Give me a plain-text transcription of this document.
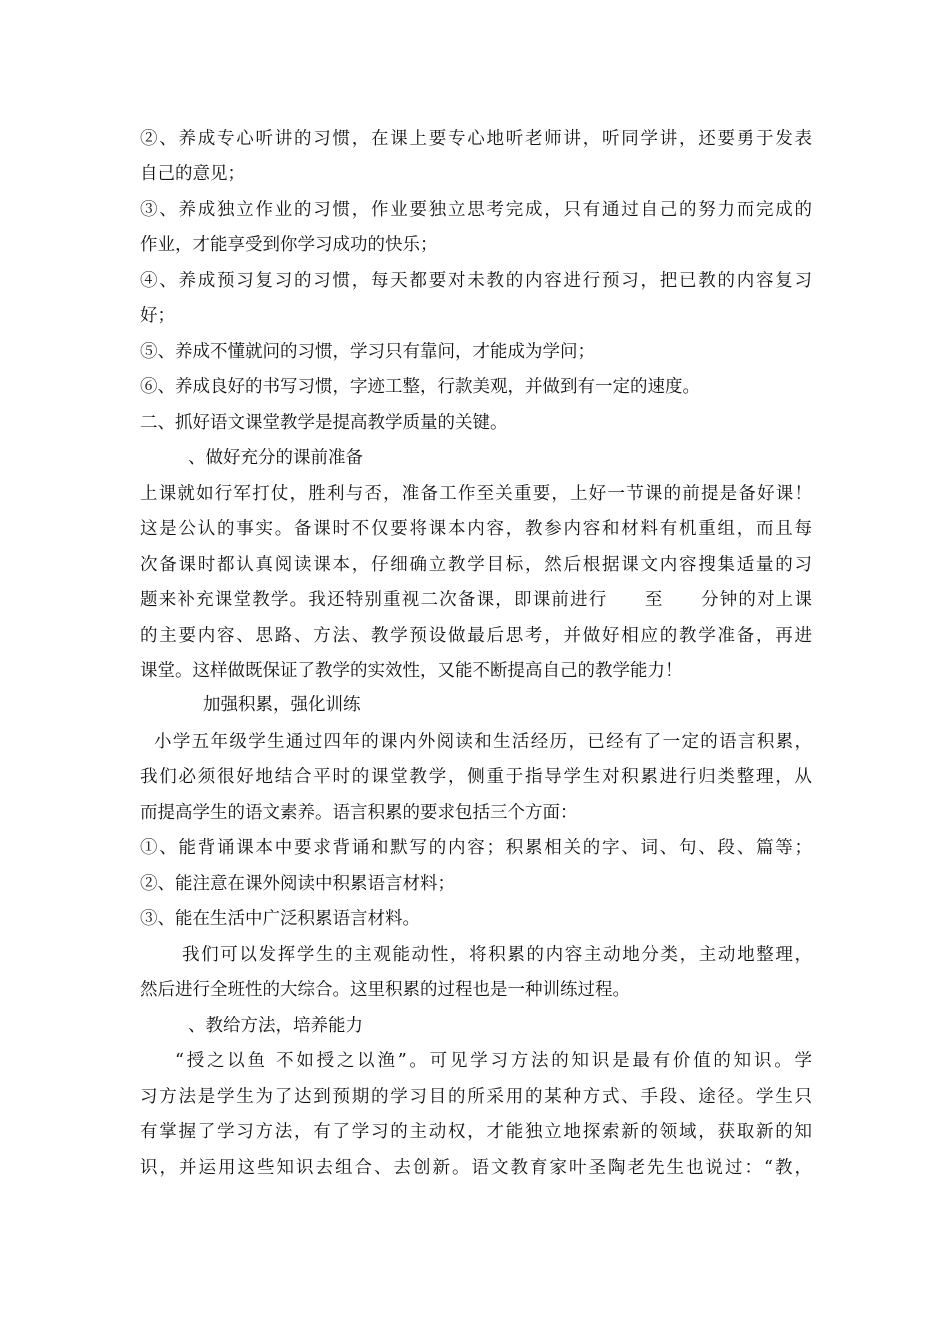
②、养成专心听讲的习惯，在课上要专心地听老师讲，听同学讲，还要勇于发表
自己的意见；
③、养成独立作业的习惯，作业要独立思考完成，只有通过自己的努力而完成的
作业，才能享受到你学习成功的快乐；
④、养成预习复习的习惯，每天都要对未教的内容进行预习，把已教的内容复习
好；
⑤、养成不懂就问的习惯，学习只有靠问，才能成为学问；
⑥、养成良好的书写习惯，字迹工整，行款美观，并做到有一定的速度。
二、抓好语文课堂教学是提高教学质量的关键。
、做好充分的课前准备
上课就如行军打仗，胜利与否，准备工作至关重要，上好一节课的前提是备好课！
这是公认的事实。备课时不仅要将课本内容，教参内容和材料有机重组，而且每
次备课时都认真阅读课本，仔细确立教学目标，然后根据课文内容搜集适量的习
题来补充课堂教学。我还特别重视二次备课，即课前进行　　至　　分钟的对上课
的主要内容、思路、方法、教学预设做最后思考，并做好相应的教学准备，再进
课堂。这样做既保证了教学的实效性，又能不断提高自己的教学能力！
加强积累，强化训练
小学五年级学生通过四年的课内外阅读和生活经历，已经有了一定的语言积累，
我们必须很好地结合平时的课堂教学，侧重于指导学生对积累进行归类整理，从
而提高学生的语文素养。语言积累的要求包括三个方面：
①、能背诵课本中要求背诵和默写的内容；积累相关的字、词、句、段、篇等；
②、能注意在课外阅读中积累语言材料；
③、能在生活中广泛积累语言材料。
我们可以发挥学生的主观能动性，将积累的内容主动地分类，主动地整理，
然后进行全班性的大综合。这里积累的过程也是一种训练过程。
、教给方法，培养能力
“授之以鱼 不如授之以渔”。可见学习方法的知识是最有价值的知识。学
习方法是学生为了达到预期的学习目的所采用的某种方式、手段、途径。学生只
有掌握了学习方法，有了学习的主动权，才能独立地探索新的领域，获取新的知
识，并运用这些知识去组合、去创新。语文教育家叶圣陶老先生也说过：“教，
